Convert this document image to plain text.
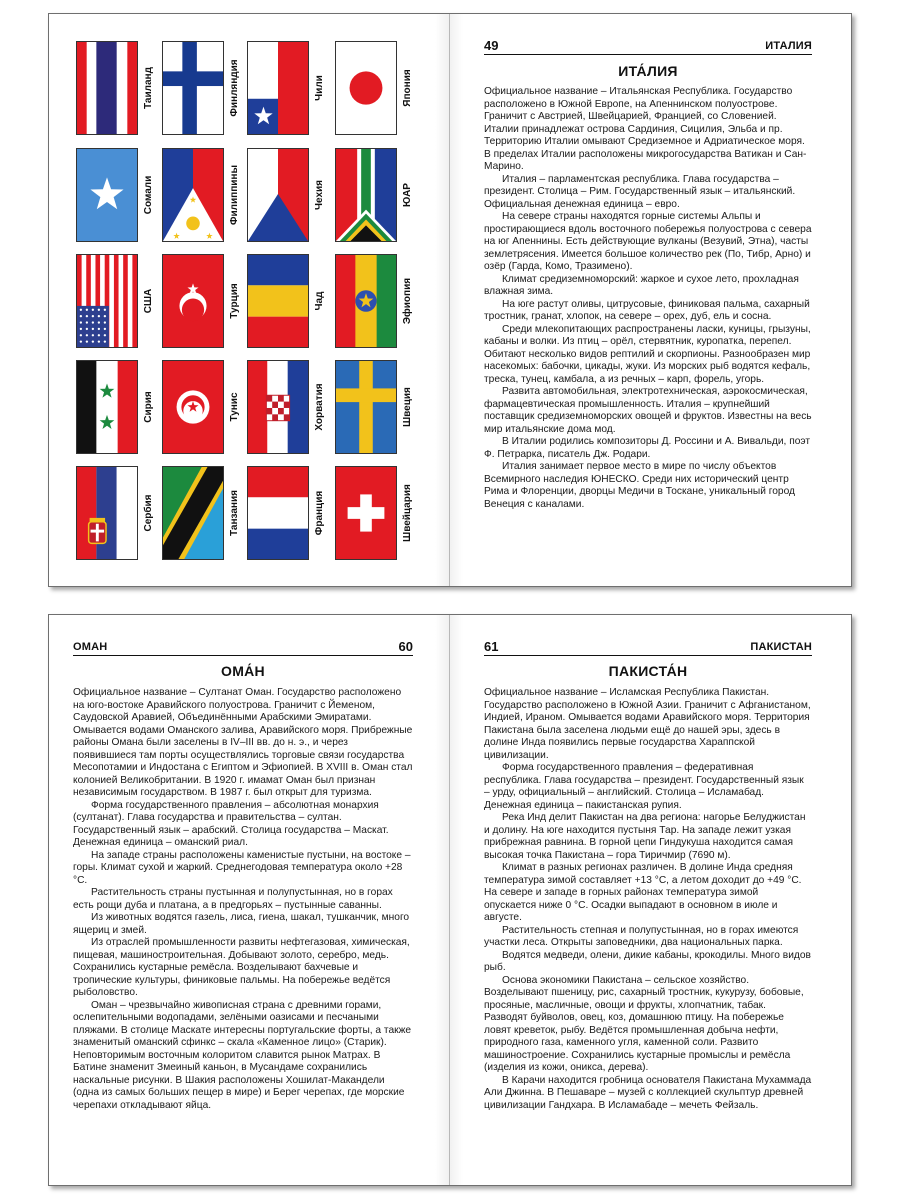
Таиланд	Финляндия	Чили	Япония
Сомали	Филиппины	Чехия	ЮАР
США	Турция	Чад	Эфиопия
Сирия	Тунис	Хорватия	Швеция
Сербия	Танзания	Франция	Швейцария
49	ИТАЛИЯ
ИТА́ЛИЯ

Официальное название – Итальянская Республика. Государство расположено в Южной Европе, на Апеннинском полуострове. Граничит с Австрией, Швейцарией, Францией, со Словенией. Италии принадлежат острова Сардиния, Сицилия, Эльба и пр. Территорию Италии омывают Средиземное и Адриатическое моря. В пределах Италии расположены микрогосударства Ватикан и Сан-Марино.

Италия – парламентская республика. Глава государства – президент. Столица – Рим. Государственный язык – итальянский. Официальная денежная единица – евро.

На севере страны находятся горные системы Альпы и простирающиеся вдоль восточного побережья полуострова с севера на юг Апеннины. Есть действующие вулканы (Везувий, Этна), часты землетрясения. Имеется большое количество рек (По, Тибр, Арно) и озёр (Гарда, Комо, Тразимено).

Климат средиземноморский: жаркое и сухое лето, прохладная влажная зима.

На юге растут оливы, цитрусовые, финиковая пальма, сахарный тростник, гранат, хлопок, на севере – орех, дуб, ель и сосна.

Среди млекопитающих распространены ласки, куницы, грызуны, кабаны и волки. Из птиц – орёл, стервятник, куропатка, перепел. Обитают несколько видов рептилий и скорпионы. Разнообразен мир насекомых: бабочки, цикады, жуки. Из морских рыб водятся кефаль, треска, тунец, камбала, а из речных – карп, форель, угорь.

Развита автомобильная, электротехническая, аэрокосмическая, фармацевтическая промышленность. Италия – крупнейший поставщик средиземноморских овощей и фруктов. Известны на весь мир итальянские дома мод.

В Италии родились композиторы Д. Россини и А. Вивальди, поэт Ф. Петрарка, писатель Дж. Родари.

Италия занимает первое место в мире по числу объектов Всемирного наследия ЮНЕСКО. Среди них исторический центр Рима и Флоренции, дворцы Медичи в Тоскане, уникальный город Венеция с каналами.

ОМАН	60
ОМА́Н

Официальное название – Султанат Оман. Государство расположено на юго-востоке Аравийского полуострова. Граничит с Йеменом, Саудовской Аравией, Объединёнными Арабскими Эмиратами. Омывается водами Оманского залива, Аравийского моря. Прибрежные районы Омана были заселены в IV–III вв. до н. э., и через появившиеся там порты осуществлялись торговые связи государства Месопотамии и Индостана с Египтом и Эфиопией. В XVIII в. Оман стал колонией Великобритании. В 1920 г. имамат Оман был признан независимым государством. В 1987 г. был открыт для туризма.

Форма государственного правления – абсолютная монархия (султанат). Глава государства и правительства – султан. Государственный язык – арабский. Столица государства – Маскат. Денежная единица – оманский риал.

На западе страны расположены каменистые пустыни, на востоке – горы. Климат сухой и жаркий. Среднегодовая температура около +28 °С.

Растительность страны пустынная и полупустынная, но в горах есть рощи дуба и платана, а в предгорьях – пустынные саванны.

Из животных водятся газель, лиса, гиена, шакал, тушканчик, много ящериц и змей.

Из отраслей промышленности развиты нефтегазовая, химическая, пищевая, машиностроительная. Добывают золото, серебро, медь. Сохранились кустарные ремёсла. Возделывают бахчевые и тропические культуры, финиковые пальмы. На побережье ведётся рыболовство.

Оман – чрезвычайно живописная страна с древними горами, ослепительными водопадами, зелёными оазисами и песчаными пляжами. В столице Маскате интересны португальские форты, а также знаменитый оманский сфинкс – скала «Каменное лицо» (Старик). Неповторимым восточным колоритом славится рынок Матрах. В Батине знаменит Змеиный каньон, в Мусандаме сохранились наскальные рисунки. В Шакия расположены Хошилат-Макандели (одна из самых больших пещер в мире) и Берег черепах, где морские черепахи откладывают яйца.

61	ПАКИСТАН
ПАКИСТА́Н

Официальное название – Исламская Республика Пакистан. Государство расположено в Южной Азии. Граничит с Афганистаном, Индией, Ираном. Омывается водами Аравийского моря. Территория Пакистана была заселена людьми ещё до нашей эры, здесь в долине Инда появились первые государства Хараппской цивилизации.

Форма государственного правления – федеративная республика. Глава государства – президент. Государственный язык – урду, официальный – английский. Столица – Исламабад. Денежная единица – пакистанская рупия.

Река Инд делит Пакистан на два региона: нагорье Белуджистан и долину. На юге находится пустыня Тар. На западе лежит узкая прибрежная равнина. В горной цепи Гиндукуша находится самая высокая точка Пакистана – гора Тиричмир (7690 м).

Климат в разных регионах различен. В долине Инда средняя температура зимой составляет +13 °С, а летом доходит до +49 °С. На севере и западе в горных районах температура зимой опускается ниже 0 °С. Осадки выпадают в основном в июле и августе.

Растительность степная и полупустынная, но в горах имеются участки леса. Открыты заповедники, два национальных парка.

Водятся медведи, олени, дикие кабаны, крокодилы. Много видов рыб.

Основа экономики Пакистана – сельское хозяйство. Возделывают пшеницу, рис, сахарный тростник, кукурузу, бобовые, просяные, масличные, овощи и фрукты, хлопчатник, табак. Разводят буйволов, овец, коз, домашнюю птицу. На побережье ловят креветок, рыбу. Ведётся промышленная добыча нефти, природного газа, каменного угля, каменной соли. Развито машиностроение. Сохранились кустарные промыслы и ремёсла (изделия из кожи, оникса, дерева).

В Карачи находится гробница основателя Пакистана Мухаммада Али Джинна. В Пешаваре – музей с коллекцией скульптур древней цивилизации Гандхара. В Исламабаде – мечеть Фейзаль.
